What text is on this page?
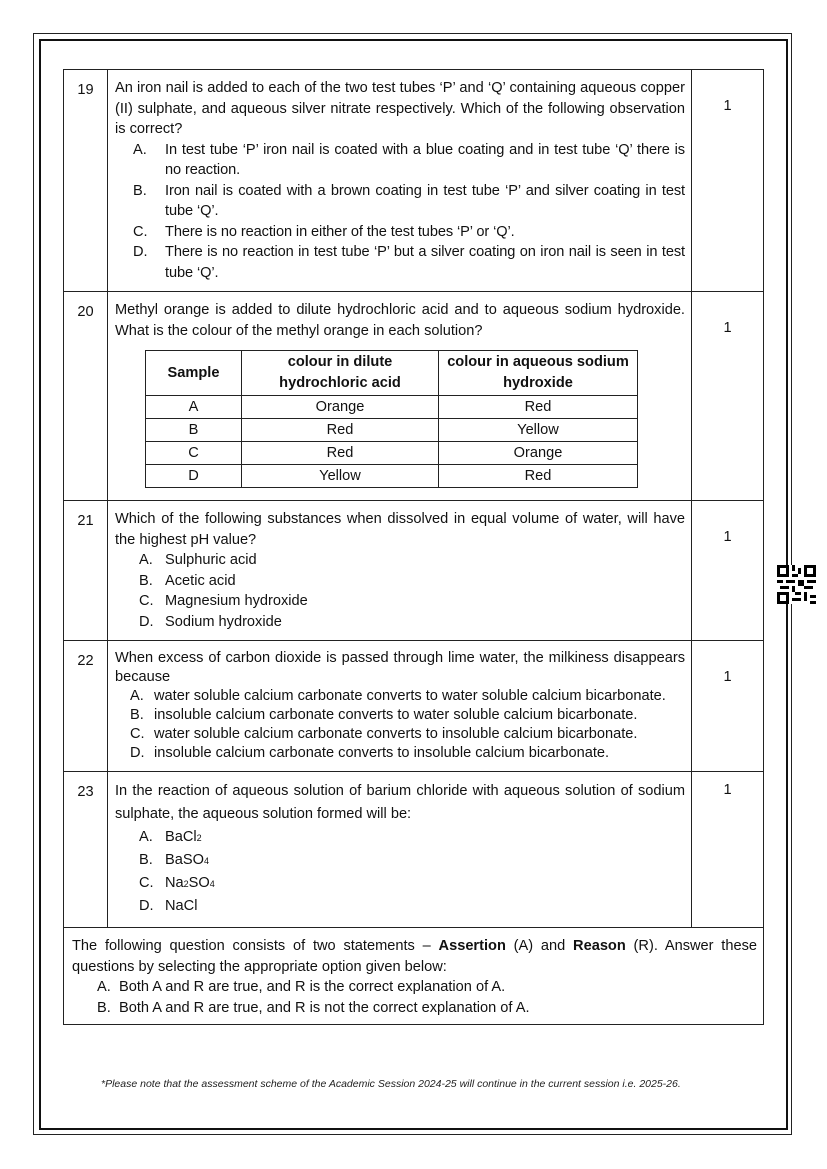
19	An iron nail is added to each of the two test tubes ‘P’ and ‘Q’ containing aqueous copper (II) sulphate, and aqueous silver nitrate respectively. Which of the following observation is correct?
A.	In test tube ‘P’ iron nail is coated with a blue coating and in test tube ‘Q’ there is no reaction.
B.	Iron nail is coated with a brown coating in test tube ‘P’ and silver coating in test tube ‘Q’.
C.	There is no reaction in either of the test tubes ‘P’ or ‘Q’.
D.	There is no reaction in test tube ‘P’ but a silver coating on iron nail is seen in test tube ‘Q’.
	1
20	Methyl orange is added to dilute hydrochloric acid and to aqueous sodium hydroxide. What is the colour of the methyl orange in each solution?
Sample	colour in dilute hydrochloric acid	colour in aqueous sodium hydroxide
A	Orange	Red
B	Red	Yellow
C	Red	Orange
D	Yellow	Red
	1
21	Which of the following substances when dissolved in equal volume of water, will have the highest pH value?
A. Sulphuric acid
B. Acetic acid
C. Magnesium hydroxide
D. Sodium hydroxide
	1
22	When excess of carbon dioxide is passed through lime water, the milkiness disappears because
A. water soluble calcium carbonate converts to water soluble calcium bicarbonate.
B. insoluble calcium carbonate converts to water soluble calcium bicarbonate.
C. water soluble calcium carbonate converts to insoluble calcium bicarbonate.
D. insoluble calcium carbonate converts to insoluble calcium bicarbonate.
	1
23	In the reaction of aqueous solution of barium chloride with aqueous solution of sodium sulphate, the aqueous solution formed will be:
A. BaCl2
B. BaSO4
C. Na2SO4
D. NaCl
	1

The following question consists of two statements – Assertion (A) and Reason (R). Answer these questions by selecting the appropriate option given below:
A. Both A and R are true, and R is the correct explanation of A.
B. Both A and R are true, and R is not the correct explanation of A.
*Please note that the assessment scheme of the Academic Session 2024-25 will continue in the current session i.e. 2025-26.
